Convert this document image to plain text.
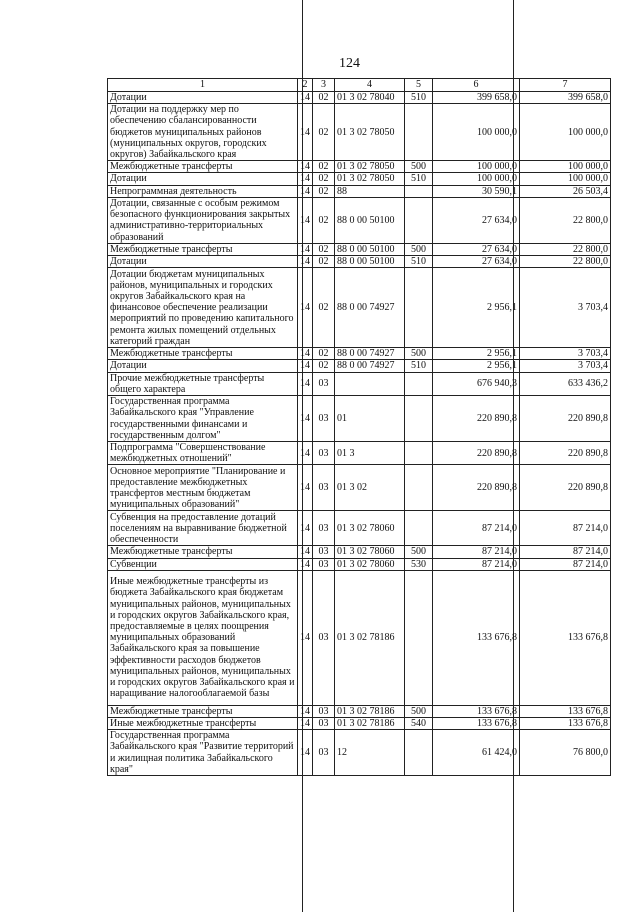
124
1	2	3	4	5	6	7
Дотации	14	02	01 3 02 78040	510	399 658,0	399 658,0
Дотации на поддержку мер по обеспечению сбалансированности бюджетов муниципальных районов (муниципальных округов, городских округов) Забайкальского края	14	02	01 3 02 78050		100 000,0	100 000,0
Межбюджетные трансферты	14	02	01 3 02 78050	500	100 000,0	100 000,0
Дотации	14	02	01 3 02 78050	510	100 000,0	100 000,0
Непрограммная деятельность	14	02	88		30 590,1	26 503,4
Дотации, связанные с особым режимом безопасного функционирования закрытых административно-территориальных образований	14	02	88 0 00 50100		27 634,0	22 800,0
Межбюджетные трансферты	14	02	88 0 00 50100	500	27 634,0	22 800,0
Дотации	14	02	88 0 00 50100	510	27 634,0	22 800,0
Дотации бюджетам муниципальных районов, муниципальных и городских округов Забайкальского края на финансовое обеспечение реализации мероприятий по проведению капитального ремонта жилых помещений отдельных категорий граждан	14	02	88 0 00 74927		2 956,1	3 703,4
Межбюджетные трансферты	14	02	88 0 00 74927	500	2 956,1	3 703,4
Дотации	14	02	88 0 00 74927	510	2 956,1	3 703,4
Прочие межбюджетные трансферты общего характера	14	03			676 940,3	633 436,2
Государственная программа Забайкальского края "Управление государственными финансами и государственным долгом"	14	03	01		220 890,8	220 890,8
Подпрограмма "Совершенствование межбюджетных отношений"	14	03	01 3		220 890,8	220 890,8
Основное мероприятие "Планирование и предоставление межбюджетных трансфертов местным бюджетам муниципальных образований"	14	03	01 3 02		220 890,8	220 890,8
Субвенция на предоставление дотаций поселениям на выравнивание бюджетной обеспеченности	14	03	01 3 02 78060		87 214,0	87 214,0
Межбюджетные трансферты	14	03	01 3 02 78060	500	87 214,0	87 214,0
Субвенции	14	03	01 3 02 78060	530	87 214,0	87 214,0
Иные межбюджетные трансферты из бюджета Забайкальского края бюджетам муниципальных районов, муниципальных и городских округов Забайкальского края, предоставляемые в целях поощрения муниципальных образований Забайкальского края за повышение эффективности расходов бюджетов муниципальных районов, муниципальных и городских округов Забайкальского края и наращивание налогооблагаемой базы	14	03	01 3 02 78186		133 676,8	133 676,8
Межбюджетные трансферты	14	03	01 3 02 78186	500	133 676,8	133 676,8
Иные межбюджетные трансферты	14	03	01 3 02 78186	540	133 676,8	133 676,8
Государственная программа Забайкальского края "Развитие территорий и жилищная политика Забайкальского края"	14	03	12		61 424,0	76 800,0
